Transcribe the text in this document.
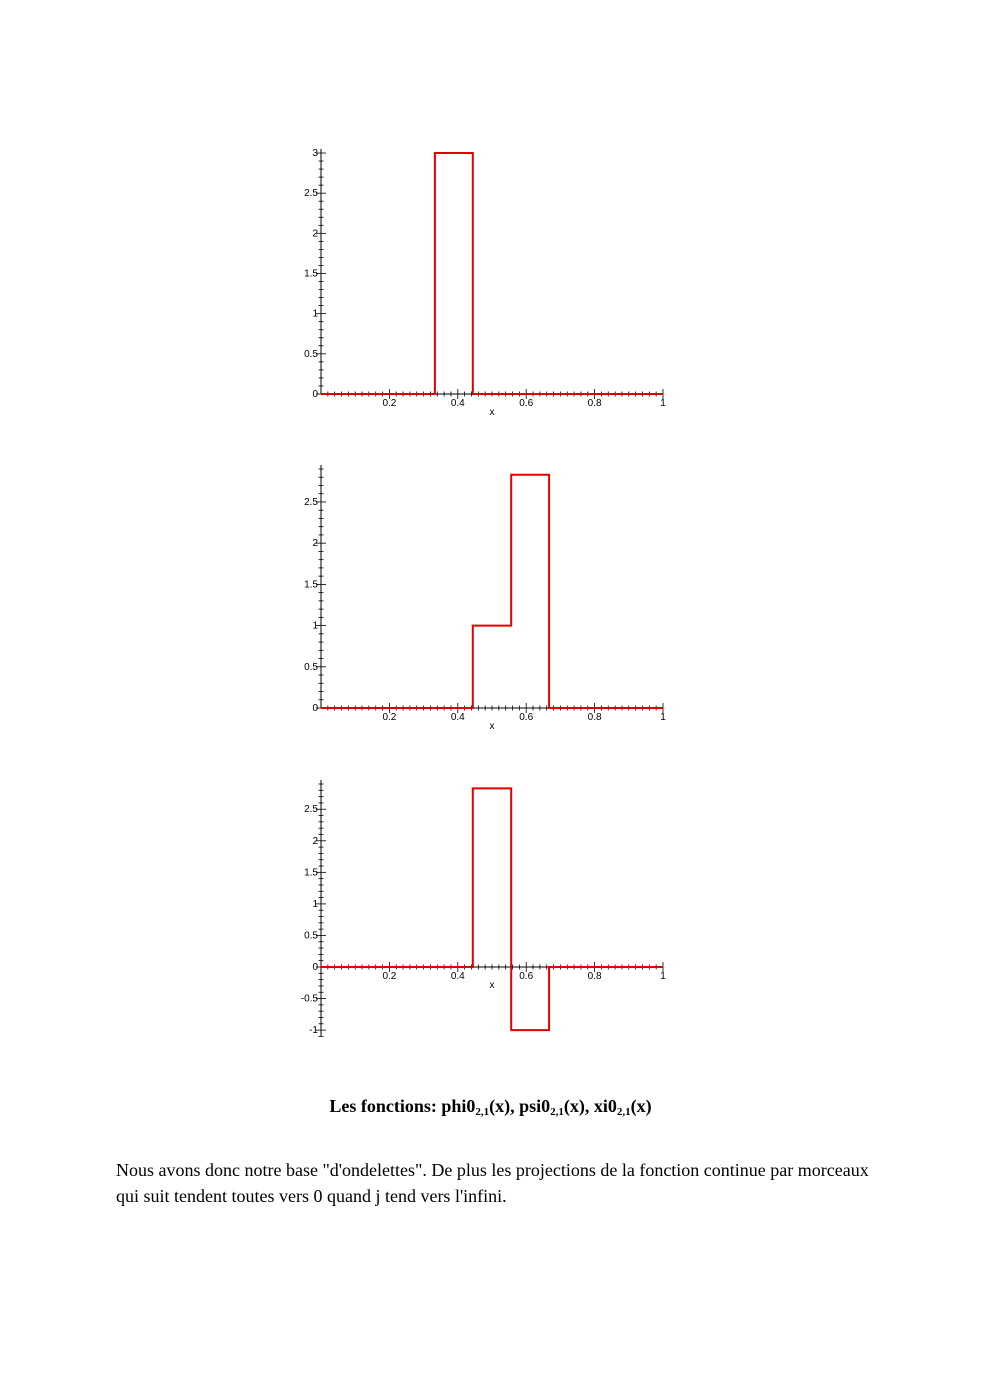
0
0.5
1
1.5
2
2.5
3
0.2	0.4	0.6	0.8	1
x
0
0.5
1
1.5
2
2.5
0.2	0.4	0.6	0.8	1
x
-1
-0.5
0
0.5
1
1.5
2
2.5
0.2	0.4	0.6	0.8	1
x
Les fonctions: $phi0_{2,1}(x)$, $psi0_{2,1}(x)$, $xi0_{2,1}(x)$

Nous avons donc notre base "d'ondelettes". De plus les projections de la fonction continue par morceaux qui suit tendent toutes vers 0 quand j tend vers l'infini.
